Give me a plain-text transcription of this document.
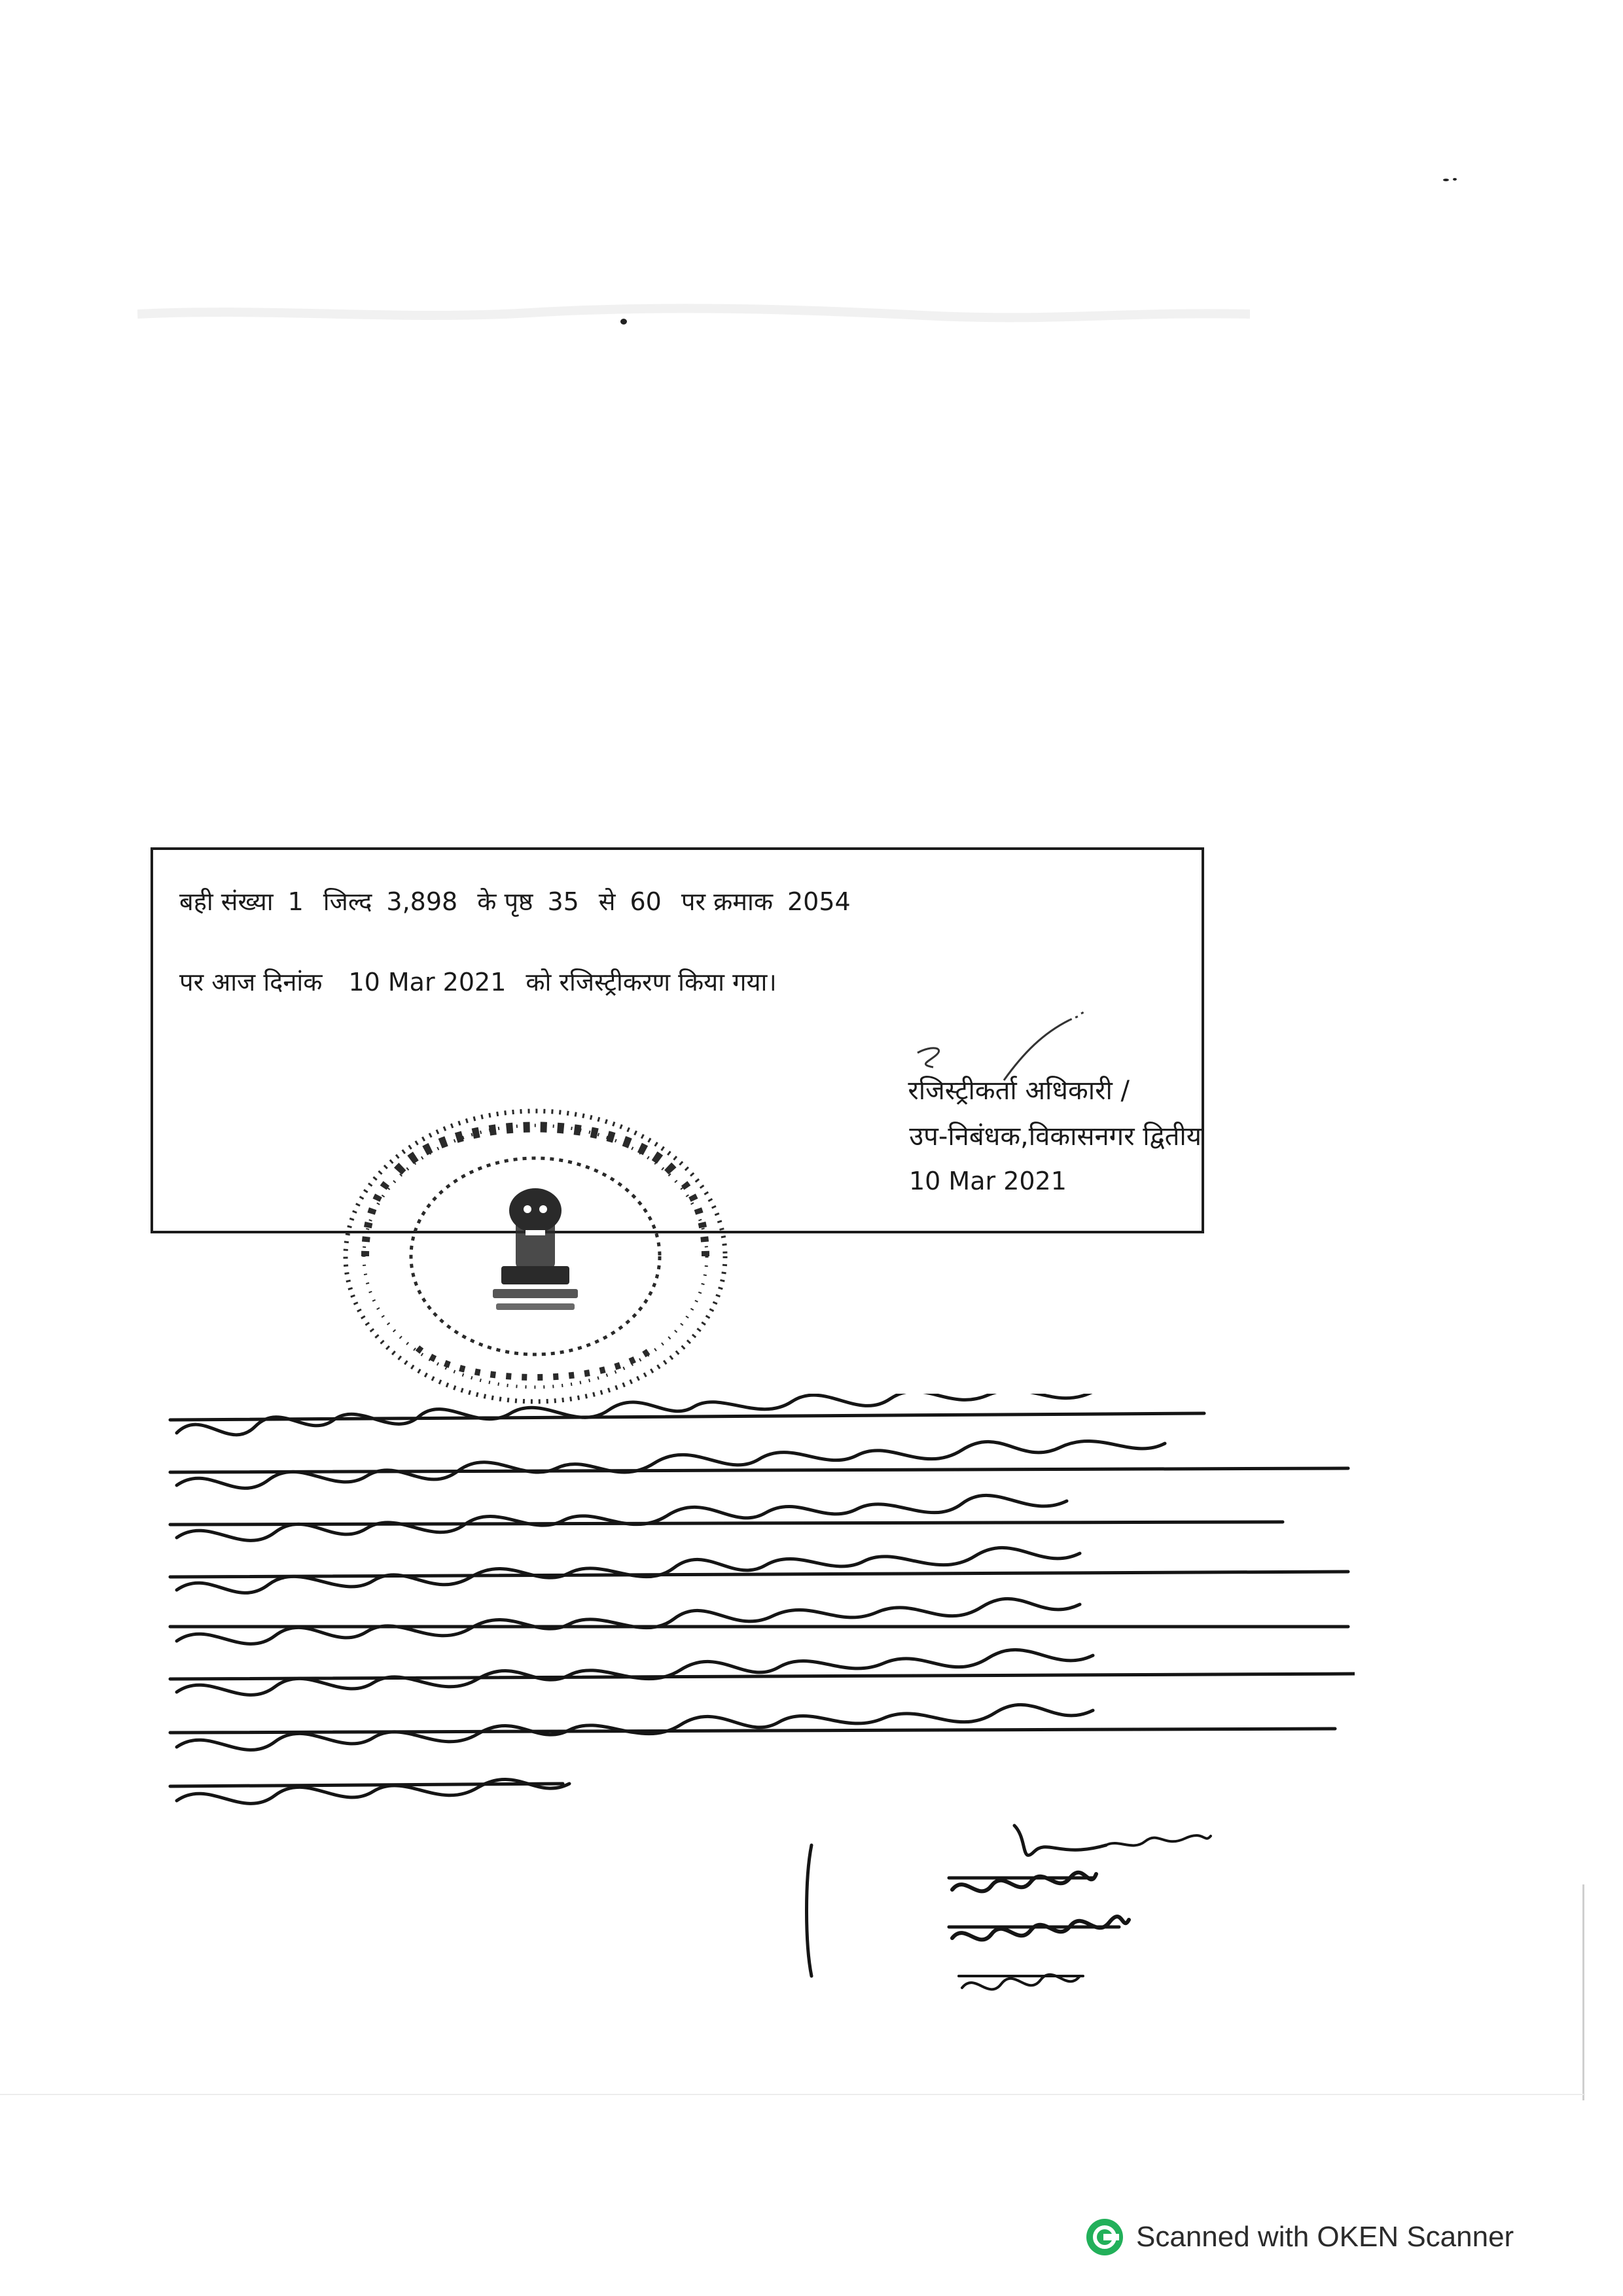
बही संख्या 1 जिल्द 3,898 के पृष्ठ 35 से 60 पर क्रमाक 2054
पर आज दिनांक 10 Mar 2021 को रजिस्ट्रीकरण किया गया।
रजिस्ट्रीकर्ता अधिकारी /
उप-निबंधक,विकासनगर द्वितीय
10 Mar 2021
Scanned with OKEN Scanner
